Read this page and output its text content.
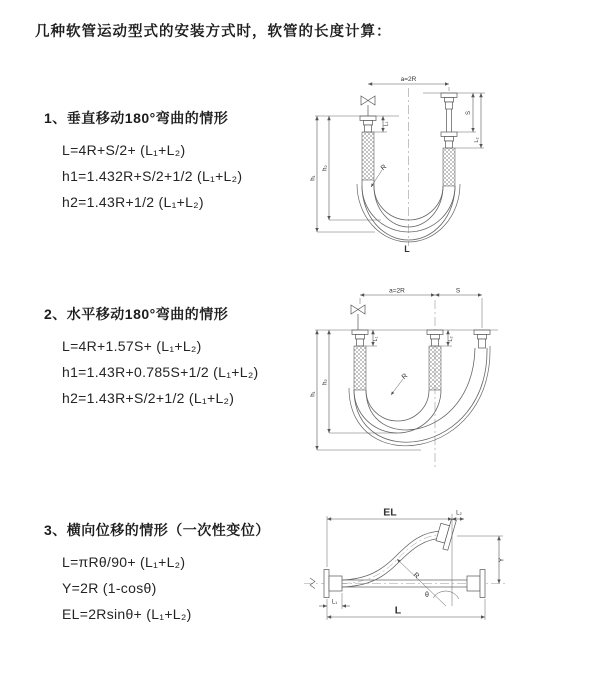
几种软管运动型式的安装方式时，软管的长度计算：
1、垂直移动180°弯曲的情形
L=4R+S/2+ (L₁+L₂)
h1=1.432R+S/2+1/2 (L₁+L₂)
h2=1.43R+1/2 (L₁+L₂)
2、水平移动180°弯曲的情形
L=4R+1.57S+ (L₁+L₂)
h1=1.43R+0.785S+1/2 (L₁+L₂)
h2=1.43R+S/2+1/2 (L₁+L₂)
3、横向位移的情形（一次性变位）
L=πRθ/90+ (L₁+L₂)
Y=2R (1-cosθ)
EL=2Rsinθ+ (L₁+L₂)
a=2R
h₁
h₂
L₁
S
L₂
R
L
a=2R	S
h₁
h₂
L₁	L₂
R
EL	L₂
Y
R
θ
L
L₁
